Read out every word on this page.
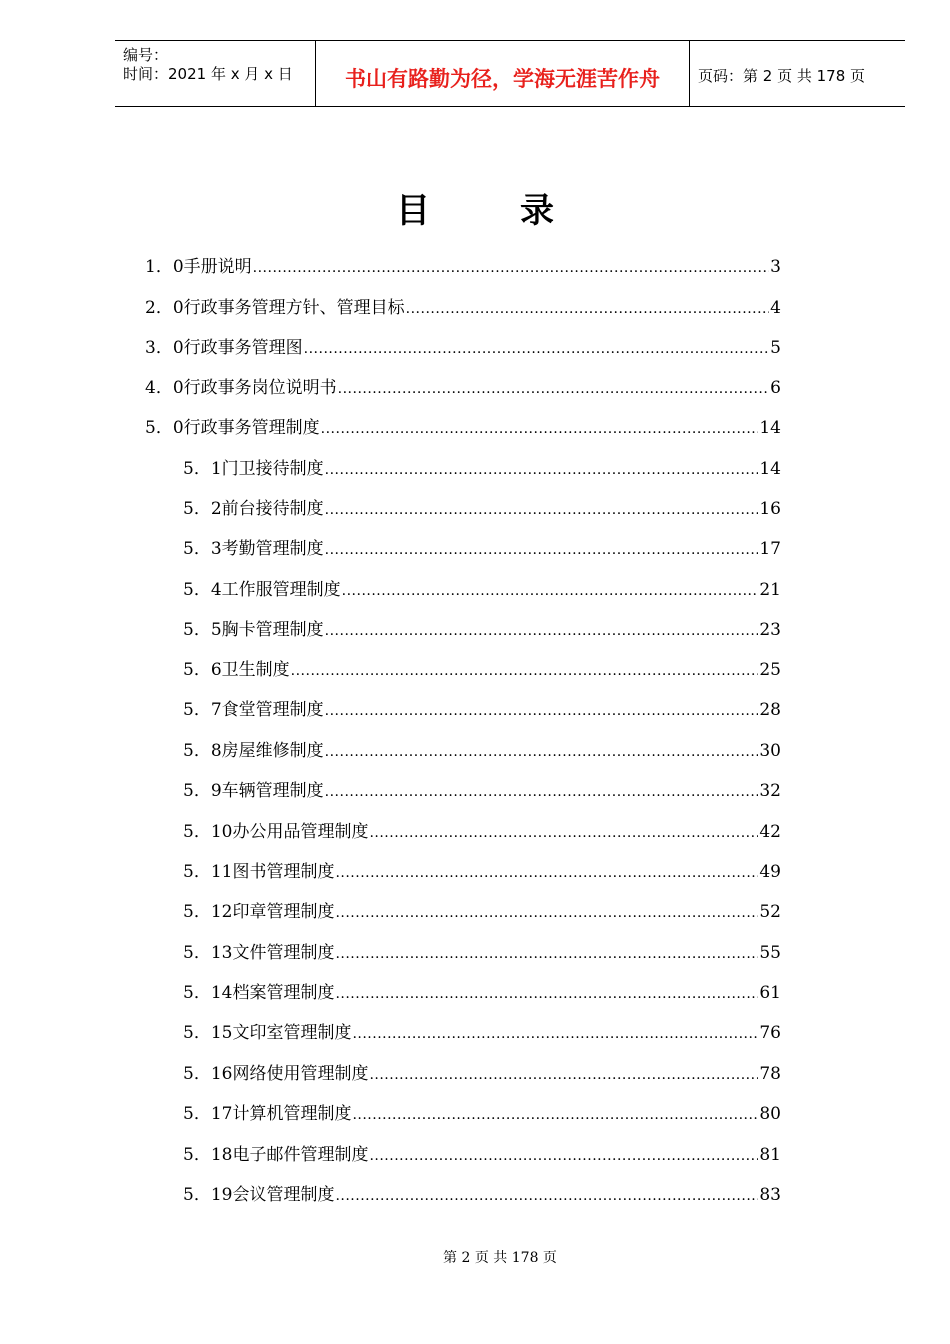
编号：
时间：2021 年 x 月 x 日	书山有路勤为径，学海无涯苦作舟	页码：第 2 页 共 178 页
目	录
1．0 手册说明 .....	3
2．0 行政事务管理方针、管理目标 .....	4
3．0 行政事务管理图 .....	5
4．0 行政事务岗位说明书 .....	6
5．0 行政事务管理制度 .....	14
5．1 门卫接待制度 .....	14
5．2 前台接待制度 .....	16
5．3 考勤管理制度 .....	17
5．4 工作服管理制度 .....	21
5．5 胸卡管理制度 .....	23
5．6 卫生制度 .....	25
5．7 食堂管理制度 .....	28
5．8 房屋维修制度 .....	30
5．9 车辆管理制度 .....	32
5．10 办公用品管理制度 .....	42
5．11 图书管理制度 .....	49
5．12 印章管理制度 .....	52
5．13 文件管理制度 .....	55
5．14 档案管理制度 .....	61
5．15 文印室管理制度 .....	76
5．16 网络使用管理制度 .....	78
5．17 计算机管理制度 .....	80
5．18 电子邮件管理制度 .....	81
5．19 会议管理制度 .....	83
第 2 页 共 178 页
